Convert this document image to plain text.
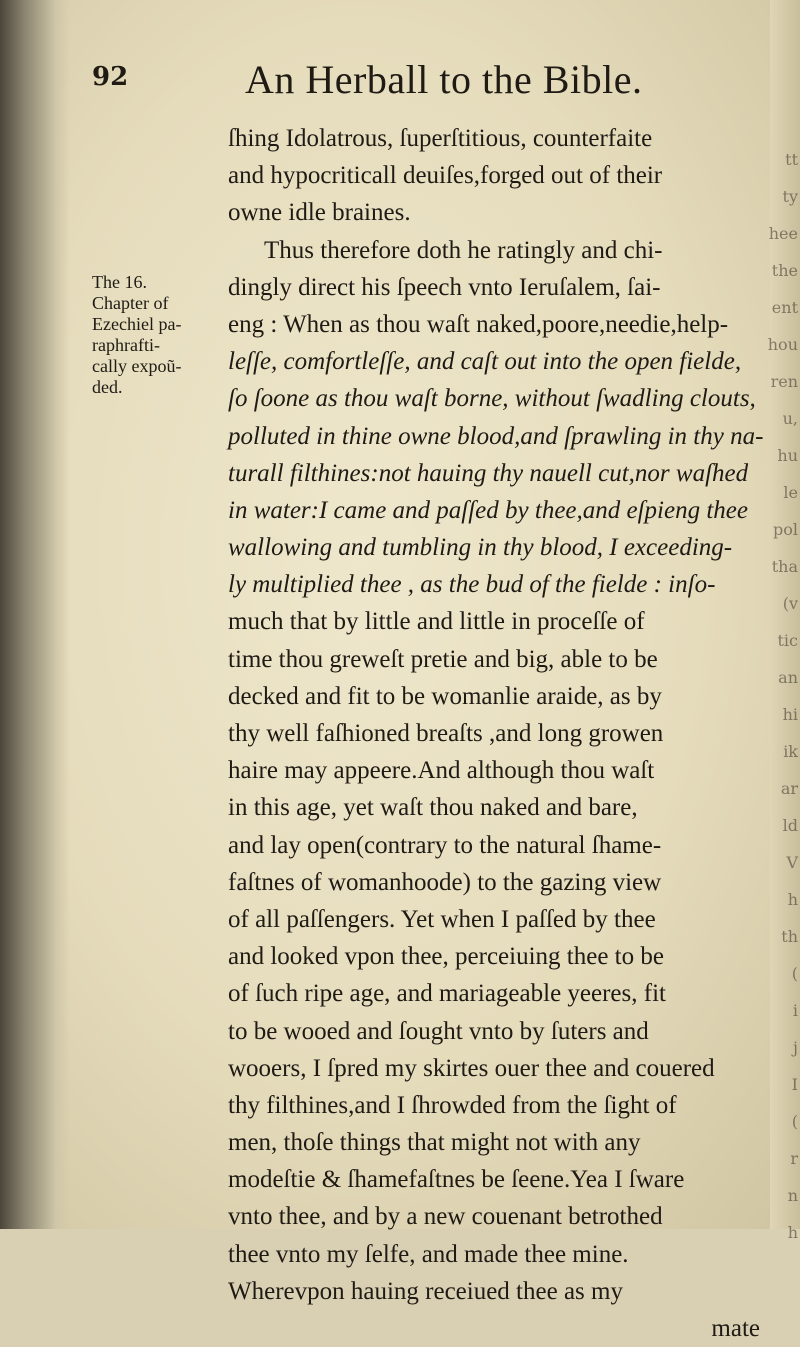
tt
ty
hee
the
ent
hou
ren
u,
hu
le
pol
tha
(v
tic
an
hi
ik
ar
ld
V
h
th
(
i
j
I
(
r
n
h
92	An Herball to the Bible.
The 16.
Chapter of
Ezechiel pa-
raphrafti-
cally expoũ-
ded.
ſhing Idolatrous, ſuperſtitious, counterfaite
and hypocriticall deuiſes,forged out of their
owne idle braines.
Thus therefore doth he ratingly and chi-
dingly direct his ſpeech vnto Ieruſalem, ſai-
eng : When as thou waſt naked,poore,needie,help-
leſſe, comfortleſſe, and caſt out into the open fielde,
ſo ſoone as thou waſt borne, without ſwadling clouts,
polluted in thine owne blood,and ſprawling in thy na-
turall filthines:not hauing thy nauell cut,nor waſhed
in water:I came and paſſed by thee,and eſpieng thee
wallowing and tumbling in thy blood, I exceeding-
ly multiplied thee , as the bud of the fielde : inſo-
much that by little and little in proceſſe of
time thou greweſt pretie and big, able to be
decked and fit to be womanlie araide, as by
thy well faſhioned breaſts ,and long growen
haire may appeere.And although thou waſt
in this age, yet waſt thou naked and bare,
and lay open(contrary to the natural ſhame-
faſtnes of womanhoode) to the gazing view
of all paſſengers. Yet when I paſſed by thee
and looked vpon thee, perceiuing thee to be
of ſuch ripe age, and mariageable yeeres, fit
to be wooed and ſought vnto by ſuters and
wooers, I ſpred my skirtes ouer thee and couered
thy filthines,and I ſhrowded from the ſight of
men, thoſe things that might not with any
modeſtie & ſhamefaſtnes be ſeene.Yea I ſware
vnto thee, and by a new couenant betrothed
thee vnto my ſelfe, and made thee mine.
Wherevpon hauing receiued thee as my
mate
